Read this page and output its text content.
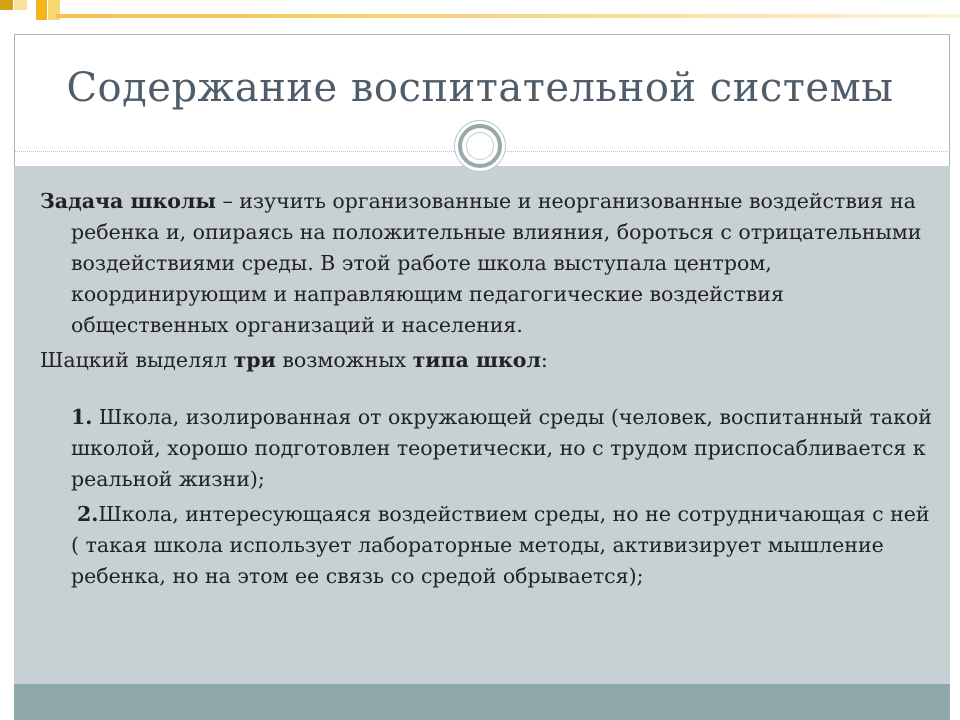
Содержание воспитательной системы

Задача школы – изучить организованные и неорганизованные воздействия на ребенка и, опираясь на положительные влияния, бороться с отрицательными воздействиями среды. В этой работе школа выступала центром, координирующим и направляющим педагогические воздействия общественных организаций и населения.

Шацкий выделял три возможных типа школ:

1. Школа, изолированная от окружающей среды (человек, воспитанный такой школой, хорошо подготовлен теоретически, но с трудом приспосабливается к реальной жизни);

2.Школа, интересующаяся воздействием среды, но не сотрудничающая с ней ( такая школа использует лабораторные методы, активизирует мышление ребенка, но на этом ее связь со средой обрывается);
